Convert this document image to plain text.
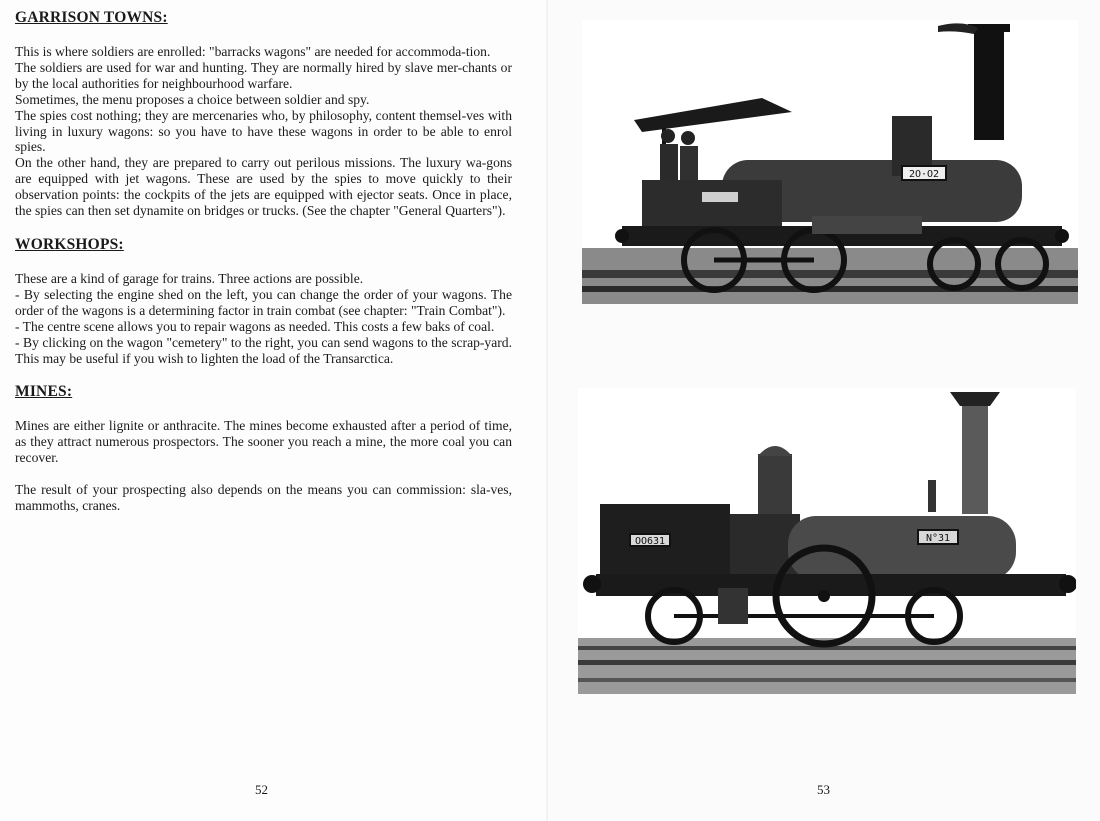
GARRISON TOWNS:

This is where soldiers are enrolled: "barracks wagons" are needed for accommoda-tion.

The soldiers are used for war and hunting. They are normally hired by slave mer-chants or by the local authorities for neighbourhood warfare.

Sometimes, the menu proposes a choice between soldier and spy.

The spies cost nothing; they are mercenaries who, by philosophy, content themsel-ves with living in luxury wagons: so you have to have these wagons in order to be able to enrol spies.

On the other hand, they are prepared to carry out perilous missions. The luxury wa-gons are equipped with jet wagons. These are used by the spies to move quickly to their observation points: the cockpits of the jets are equipped with ejector seats. Once in place, the spies can then set dynamite on bridges or trucks. (See the chapter "General Quarters").

WORKSHOPS:

These are a kind of garage for trains. Three actions are possible.

- By selecting the engine shed on the left, you can change the order of your wagons. The order of the wagons is a determining factor in train combat (see chapter: "Train Combat").

- The centre scene allows you to repair wagons as needed. This costs a few baks of coal.

- By clicking on the wagon "cemetery" to the right, you can send wagons to the scrap-yard. This may be useful if you wish to lighten the load of the Transarctica.

MINES:

Mines are either lignite or anthracite. The mines become exhausted after a period of time, as they attract numerous prospectors. The sooner you reach a mine, the more coal you can recover.

The result of your prospecting also depends on the means you can commission: sla-ves, mammoths, cranes.

52
2O·O2
OO631	N°31
53
